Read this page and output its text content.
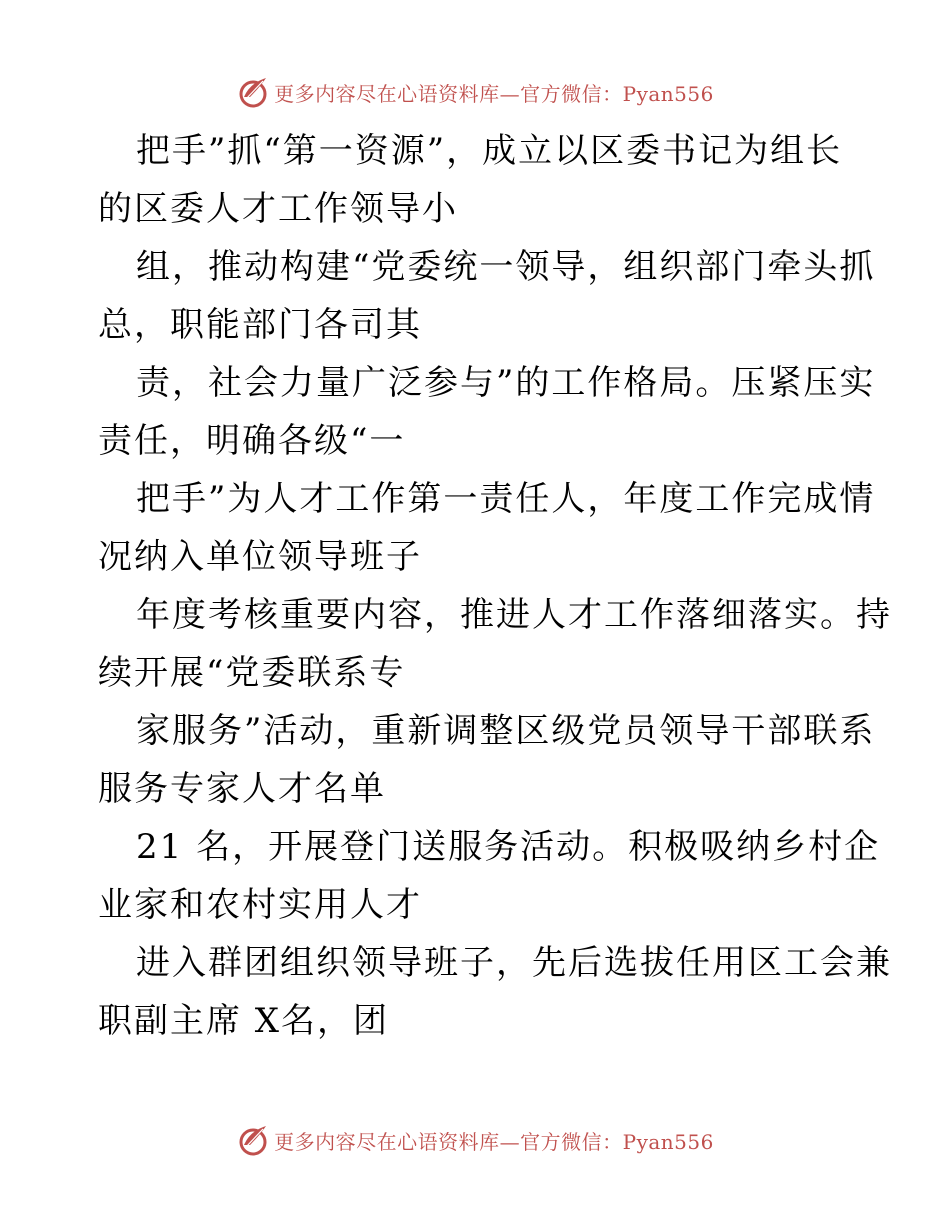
更多内容尽在心语资料库—官方微信：Pyan556
把手”抓“第一资源”，成立以区委书记为组长
的区委人才工作领导小
组，推动构建“党委统一领导，组织部门牵头抓
总，职能部门各司其
责，社会力量广泛参与”的工作格局。压紧压实
责任，明确各级“一
把手”为人才工作第一责任人，年度工作完成情
况纳入单位领导班子
年度考核重要内容，推进人才工作落细落实。持
续开展“党委联系专
家服务”活动，重新调整区级党员领导干部联系
服务专家人才名单
21 名，开展登门送服务活动。积极吸纳乡村企
业家和农村实用人才
进入群团组织领导班子，先后选拔任用区工会兼
职副主席 X名，团
更多内容尽在心语资料库—官方微信：Pyan556
